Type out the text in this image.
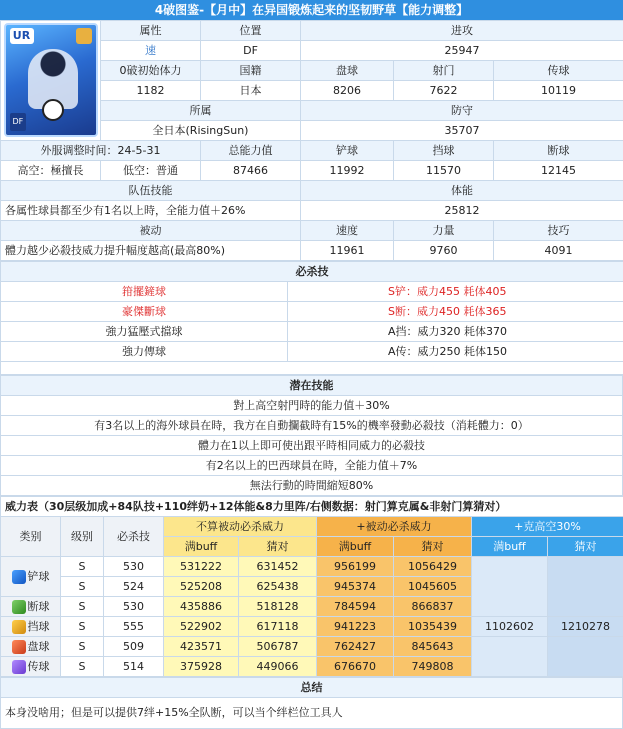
4破图鉴-【月中】在异国锻炼起来的坚韧野草【能力调整】
UR
DF	属性	位置	进攻	
	速	DF	25947	
	0破初始体力	国籍	盘球	射门	传球	
	1182	日本	8206	7622	10119	
	所属		防守			
	全日本(RisingSun)		35707			
外服调整时间：24-5-31		总能力值	铲球	挡球	断球	
高空：極擅長	低空：普通	87466	11992	11570	12145	
队伍技能			体能	
各属性球員都至少有1名以上時，全能力值＋26%			25812	
被动			速度	力量	技巧	
體力越少必殺技威力提升幅度越高(最高80%)			11961	9760	4091	
必杀技	
箝擺鏟球	S铲：威力455 耗体405
豪傑斷球	S断：威力450 耗体365
強力猛壓式擋球	A挡：威力320 耗体370
強力傳球	A传：威力250 耗体150

潜在技能
對上高空射門時的能力值＋30%
有3名以上的海外球員在時，我方在自動攔截時有15%的機率發動必殺技（消耗體力：0）
體力在1以上即可使出跟平時相同威力的必殺技
有2名以上的巴西球員在時，全能力值＋7%
無法行動的時間縮短80%
威力表（30层级加成+84队技+110绊奶+12体能&8力里阵/右侧数据：射门算克属&非射门算猜对）								
类别	级别	必杀技	不算被动必杀威力		+被动必杀威力		+克高空30%	
			满buff	猜对	满buff	猜对	满buff	猜对
铲球	S	530	531222	631452	956199	1056429		
	S	524	525208	625438	945374	1045605		
断球	S	530	435886	518128	784594	866837		
挡球	S	555	522902	617118	941223	1035439	1102602	1210278
盘球	S	509	423571	506787	762427	845643		
传球	S	514	375928	449066	676670	749808		
总结
本身没啥用；但是可以提供7绊+15%全队断，可以当个绊栏位工具人
